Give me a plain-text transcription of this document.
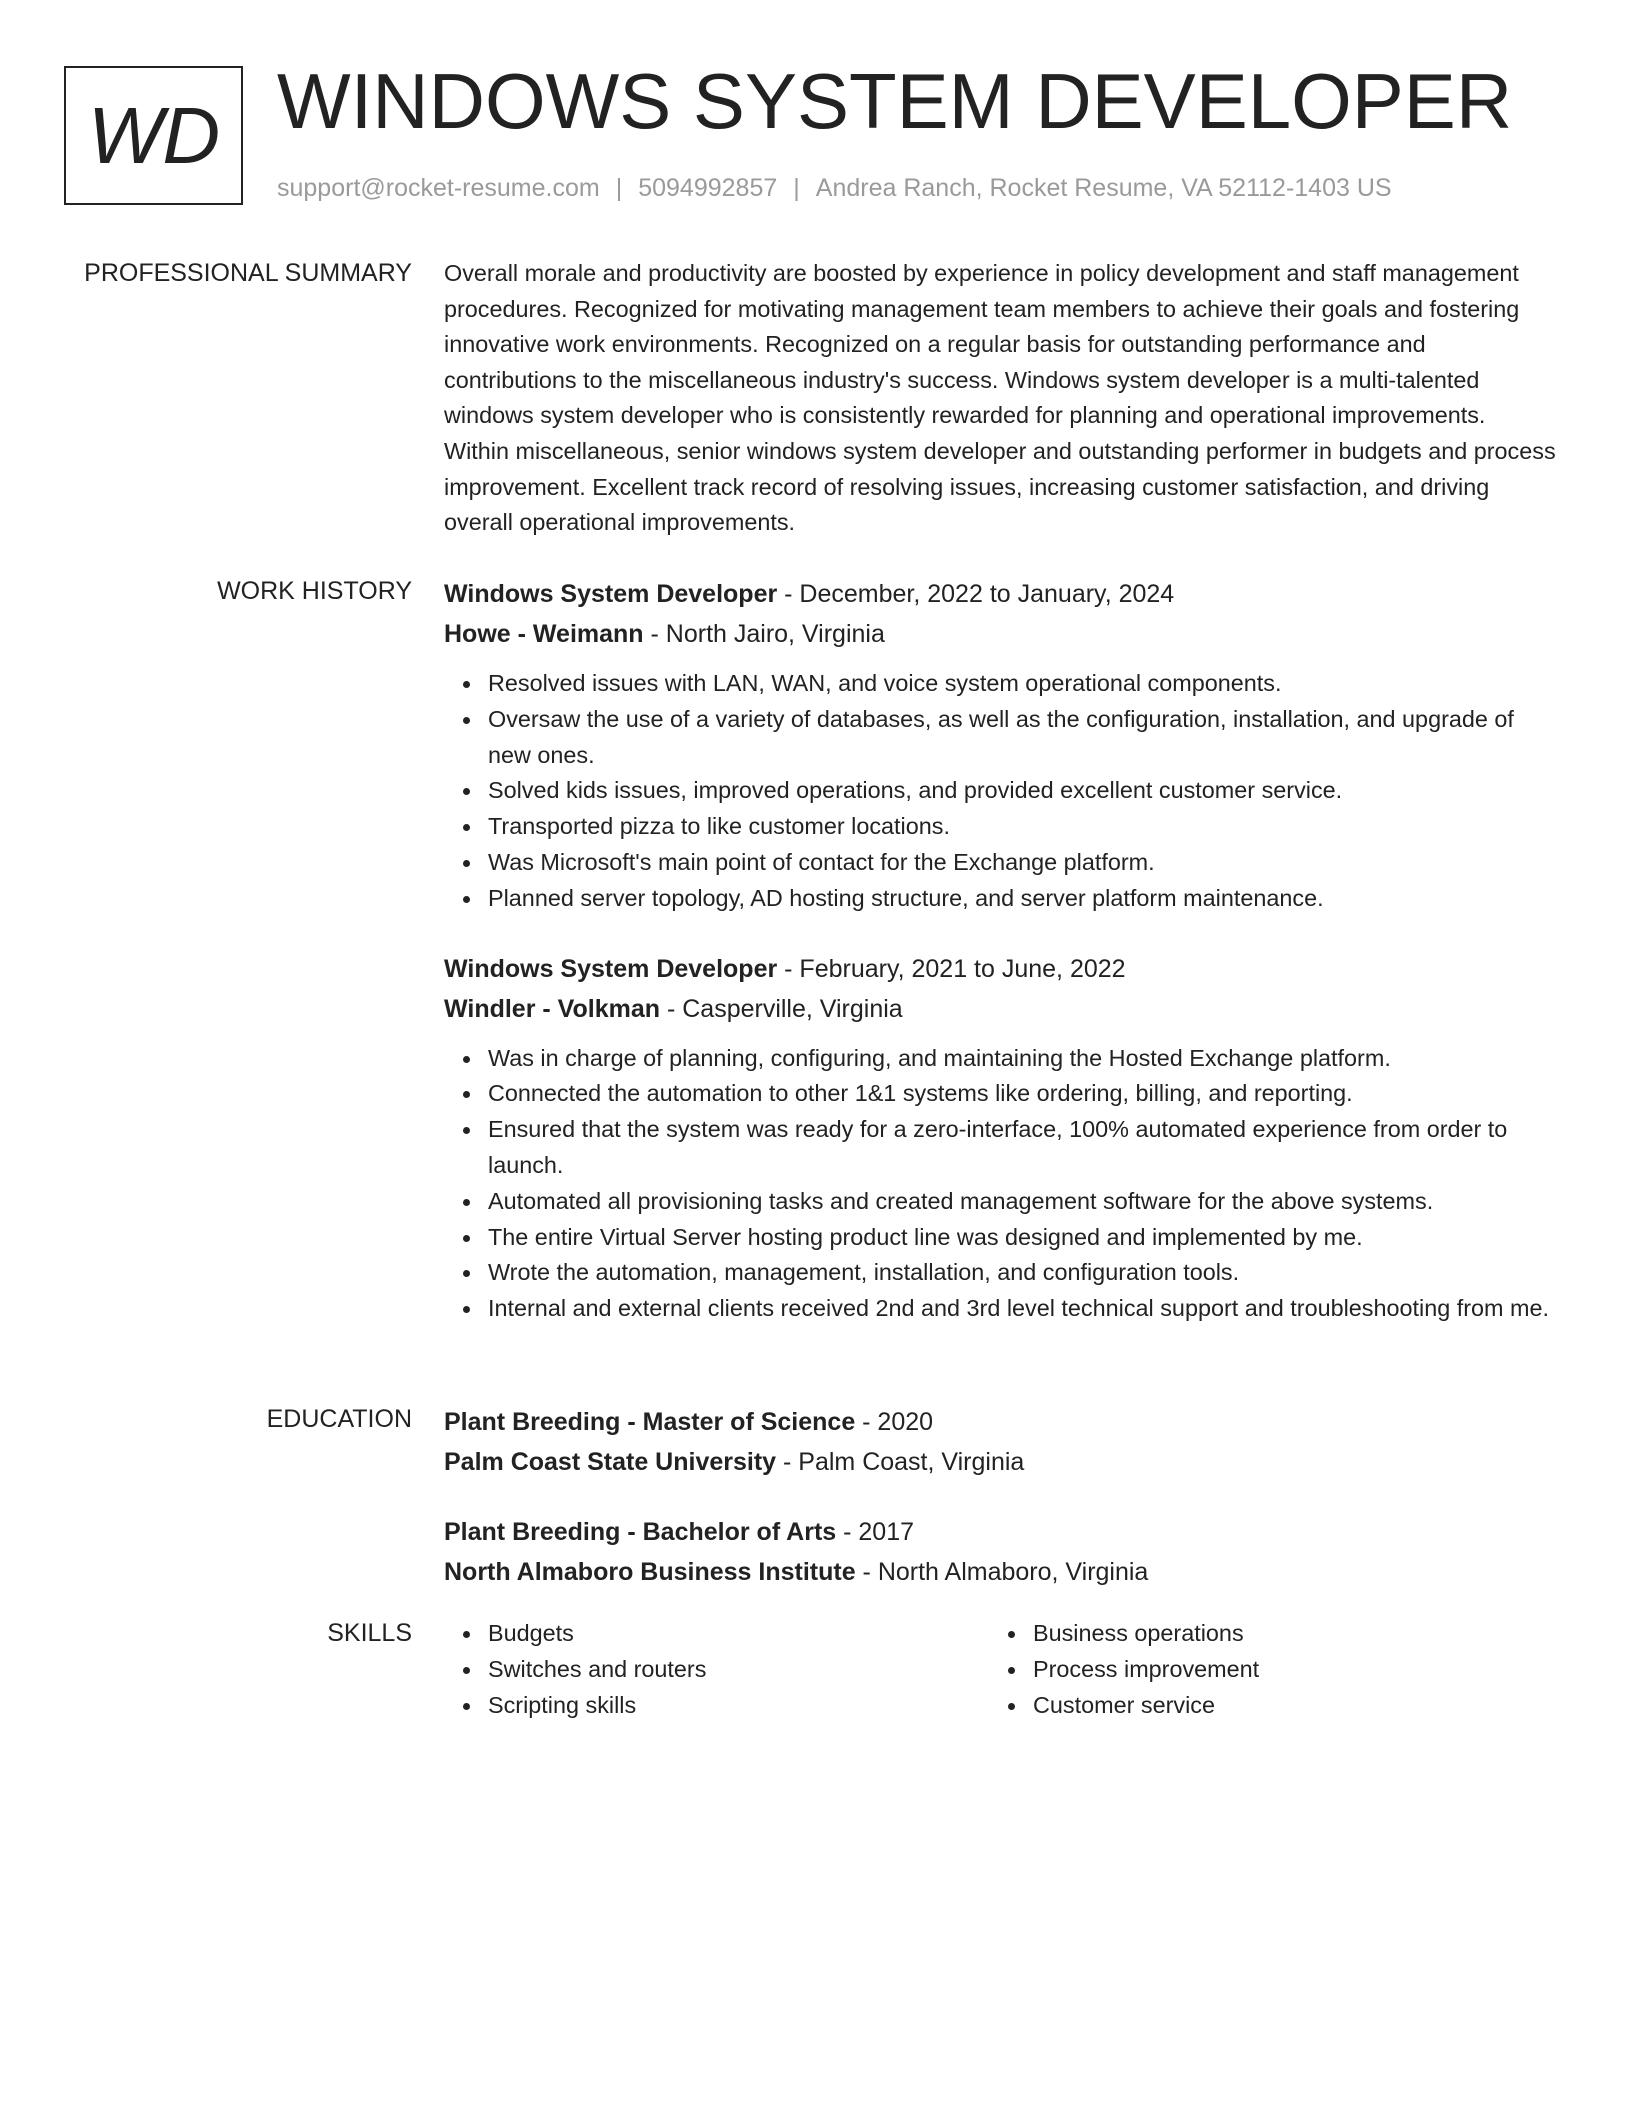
WD WINDOWS SYSTEM DEVELOPER
support@rocket-resume.com | 5094992857 | Andrea Ranch, Rocket Resume, VA 52112-1403 US
PROFESSIONAL SUMMARY Overall morale and productivity are boosted by experience in policy development and staff management procedures. Recognized for motivating management team members to achieve their goals and fostering innovative work environments. Recognized on a regular basis for outstanding performance and contributions to the miscellaneous industry's success. Windows system developer is a multi-talented windows system developer who is consistently rewarded for planning and operational improvements. Within miscellaneous, senior windows system developer and outstanding performer in budgets and process improvement. Excellent track record of resolving issues, increasing customer satisfaction, and driving overall operational improvements.

WORK HISTORY Windows System Developer - December, 2022 to January, 2024

Howe - Weimann - North Jairo, Virginia

Resolved issues with LAN, WAN, and voice system operational components.
Oversaw the use of a variety of databases, as well as the configuration, installation, and upgrade of new ones.
Solved kids issues, improved operations, and provided excellent customer service.
Transported pizza to like customer locations.
Was Microsoft's main point of contact for the Exchange platform.
Planned server topology, AD hosting structure, and server platform maintenance.

Windows System Developer - February, 2021 to June, 2022

Windler - Volkman - Casperville, Virginia

Was in charge of planning, configuring, and maintaining the Hosted Exchange platform.
Connected the automation to other 1&1 systems like ordering, billing, and reporting.
Ensured that the system was ready for a zero-interface, 100% automated experience from order to launch.
Automated all provisioning tasks and created management software for the above systems.
The entire Virtual Server hosting product line was designed and implemented by me.
Wrote the automation, management, installation, and configuration tools.
Internal and external clients received 2nd and 3rd level technical support and troubleshooting from me.
EDUCATION Plant Breeding - Master of Science - 2020

Palm Coast State University - Palm Coast, Virginia

Plant Breeding - Bachelor of Arts - 2017

North Almaboro Business Institute - North Almaboro, Virginia

SKILLS	Budgets
Switches and routers
Scripting skills
Business operations
Process improvement
Customer service
